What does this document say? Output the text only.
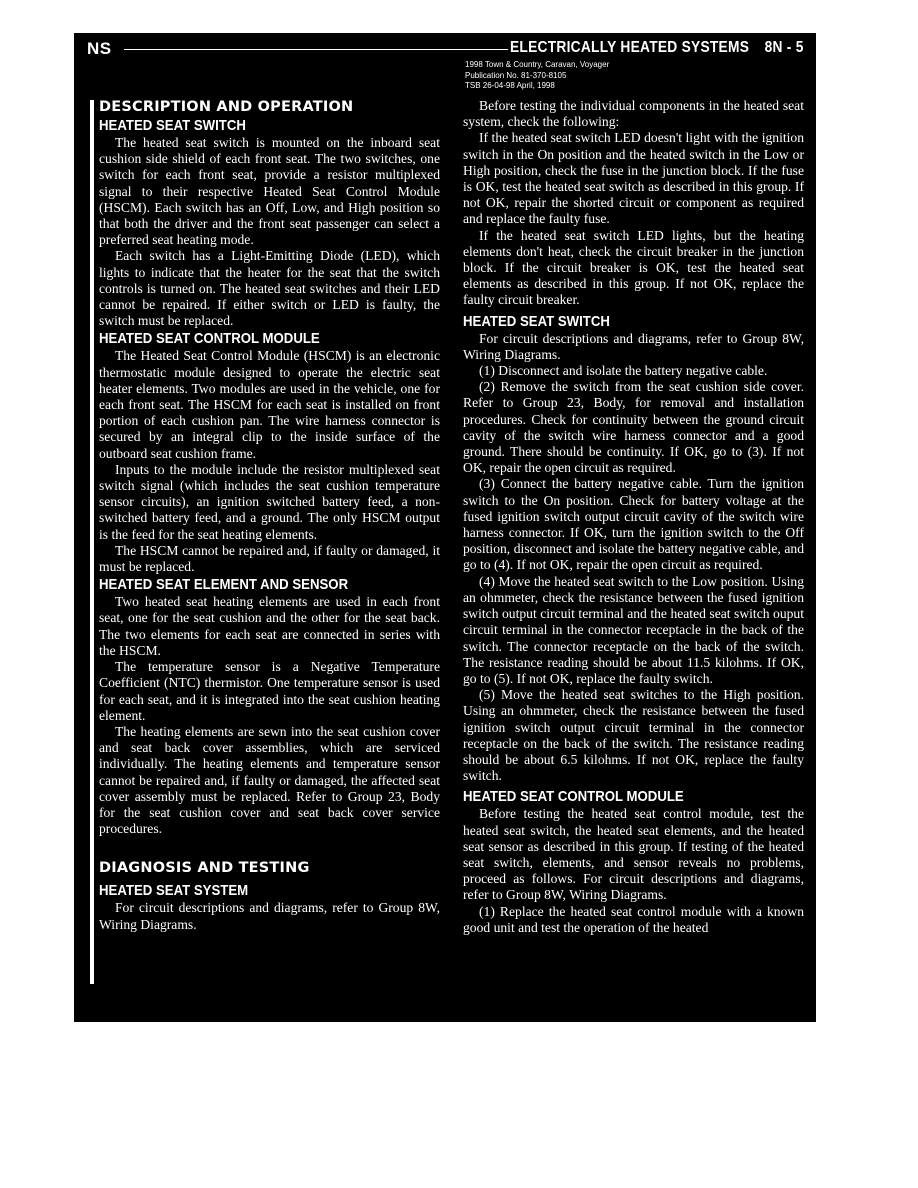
NS	ELECTRICALLY HEATED SYSTEMS 8N - 5
1998 Town & Country, Caravan, Voyager
Publication No. 81-370-8105
TSB 26-04-98 April, 1998
DESCRIPTION AND OPERATION
HEATED SEAT SWITCH

The heated seat switch is mounted on the inboard seat cushion side shield of each front seat. The two switches, one switch for each front seat, provide a resistor multiplexed signal to their respective Heated Seat Control Module (HSCM). Each switch has an Off, Low, and High position so that both the driver and the front seat passenger can select a preferred seat heating mode.

Each switch has a Light-Emitting Diode (LED), which lights to indicate that the heater for the seat that the switch controls is turned on. The heated seat switches and their LED cannot be repaired. If either switch or LED is faulty, the switch must be replaced.

HEATED SEAT CONTROL MODULE

The Heated Seat Control Module (HSCM) is an electronic thermostatic module designed to operate the electric seat heater elements. Two modules are used in the vehicle, one for each front seat. The HSCM for each seat is installed on front portion of each cushion pan. The wire harness connector is secured by an integral clip to the inside surface of the outboard seat cushion frame.

Inputs to the module include the resistor multiplexed seat switch signal (which includes the seat cushion temperature sensor circuits), an ignition switched battery feed, a non-switched battery feed, and a ground. The only HSCM output is the feed for the seat heating elements.

The HSCM cannot be repaired and, if faulty or damaged, it must be replaced.

HEATED SEAT ELEMENT AND SENSOR

Two heated seat heating elements are used in each front seat, one for the seat cushion and the other for the seat back. The two elements for each seat are connected in series with the HSCM.

The temperature sensor is a Negative Temperature Coefficient (NTC) thermistor. One temperature sensor is used for each seat, and it is integrated into the seat cushion heating element.

The heating elements are sewn into the seat cushion cover and seat back cover assemblies, which are serviced individually. The heating elements and temperature sensor cannot be repaired and, if faulty or damaged, the affected seat cover assembly must be replaced. Refer to Group 23, Body for the seat cushion cover and seat back cover service procedures.

DIAGNOSIS AND TESTING
HEATED SEAT SYSTEM

For circuit descriptions and diagrams, refer to Group 8W, Wiring Diagrams.

Before testing the individual components in the heated seat system, check the following:

If the heated seat switch LED doesn't light with the ignition switch in the On position and the heated switch in the Low or High position, check the fuse in the junction block. If the fuse is OK, test the heated seat switch as described in this group. If not OK, repair the shorted circuit or component as required and replace the faulty fuse.

If the heated seat switch LED lights, but the heating elements don't heat, check the circuit breaker in the junction block. If the circuit breaker is OK, test the heated seat elements as described in this group. If not OK, replace the faulty circuit breaker.

HEATED SEAT SWITCH

For circuit descriptions and diagrams, refer to Group 8W, Wiring Diagrams.

(1) Disconnect and isolate the battery negative cable.

(2) Remove the switch from the seat cushion side cover. Refer to Group 23, Body, for removal and installation procedures. Check for continuity between the ground circuit cavity of the switch wire harness connector and a good ground. There should be continuity. If OK, go to (3). If not OK, repair the open circuit as required.

(3) Connect the battery negative cable. Turn the ignition switch to the On position. Check for battery voltage at the fused ignition switch output circuit cavity of the switch wire harness connector. If OK, turn the ignition switch to the Off position, disconnect and isolate the battery negative cable, and go to (4). If not OK, repair the open circuit as required.

(4) Move the heated seat switch to the Low position. Using an ohmmeter, check the resistance between the fused ignition switch output circuit terminal and the heated seat switch ouput circuit terminal in the connector receptacle in the back of the switch. The connector receptacle on the back of the switch. The resistance reading should be about 11.5 kilohms. If OK, go to (5). If not OK, replace the faulty switch.

(5) Move the heated seat switches to the High position. Using an ohmmeter, check the resistance between the fused ignition switch output circuit terminal in the connector receptacle on the back of the switch. The resistance reading should be about 6.5 kilohms. If not OK, replace the faulty switch.

HEATED SEAT CONTROL MODULE

Before testing the heated seat control module, test the heated seat switch, the heated seat elements, and the heated seat sensor as described in this group. If testing of the heated seat switch, elements, and sensor reveals no problems, proceed as follows. For circuit descriptions and diagrams, refer to Group 8W, Wiring Diagrams.

(1) Replace the heated seat control module with a known good unit and test the operation of the heated
